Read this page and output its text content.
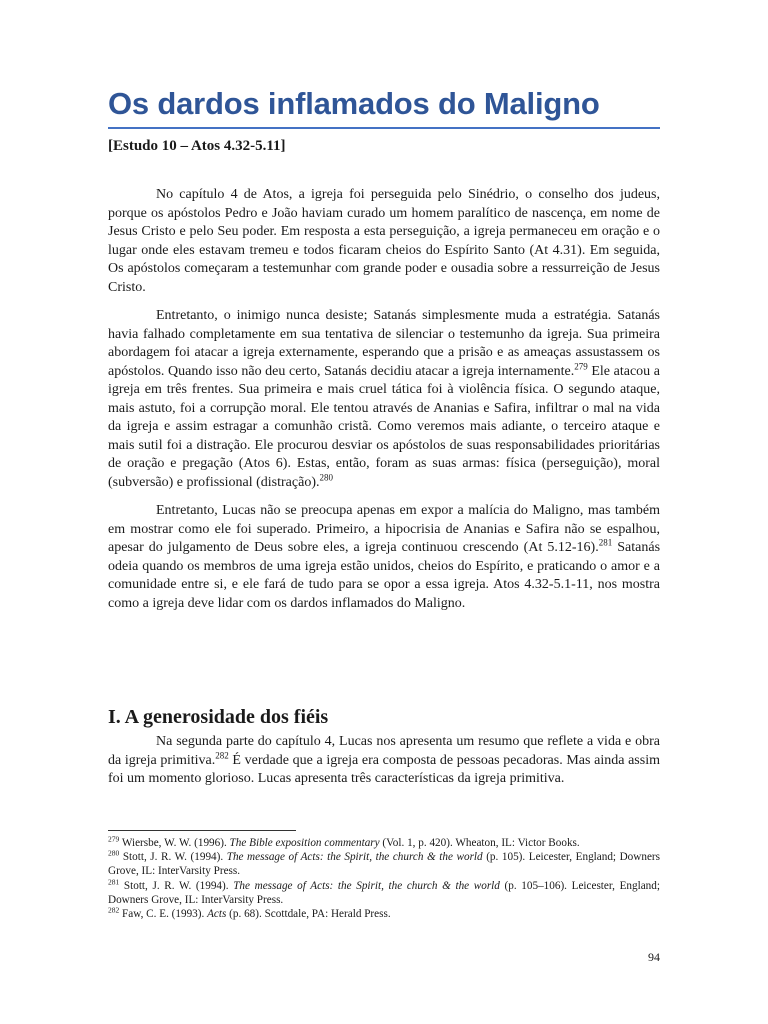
Os dardos inflamados do Maligno
[Estudo 10 – Atos 4.32-5.11]

No capítulo 4 de Atos, a igreja foi perseguida pelo Sinédrio, o conselho dos judeus, porque os apóstolos Pedro e João haviam curado um homem paralítico de nascença, em nome de Jesus Cristo e pelo Seu poder. Em resposta a esta perseguição, a igreja permaneceu em oração e o lugar onde eles estavam tremeu e todos ficaram cheios do Espírito Santo (At 4.31). Em seguida, Os apóstolos começaram a testemunhar com grande poder e ousadia sobre a ressurreição de Jesus Cristo.

Entretanto, o inimigo nunca desiste; Satanás simplesmente muda a estratégia. Satanás havia falhado completamente em sua tentativa de silenciar o testemunho da igreja. Sua primeira abordagem foi atacar a igreja externamente, esperando que a prisão e as ameaças assustassem os apóstolos. Quando isso não deu certo, Satanás decidiu atacar a igreja internamente.$^{279}$ Ele atacou a igreja em três frentes. Sua primeira e mais cruel tática foi à violência física. O segundo ataque, mais astuto, foi a corrupção moral. Ele tentou através de Ananias e Safira, infiltrar o mal na vida da igreja e assim estragar a comunhão cristã. Como veremos mais adiante, o terceiro ataque e mais sutil foi a distração. Ele procurou desviar os apóstolos de suas responsabilidades prioritárias de oração e pregação (Atos 6). Estas, então, foram as suas armas: física (perseguição), moral (subversão) e profissional (distração).$^{280}$

Entretanto, Lucas não se preocupa apenas em expor a malícia do Maligno, mas também em mostrar como ele foi superado. Primeiro, a hipocrisia de Ananias e Safira não se espalhou, apesar do julgamento de Deus sobre eles, a igreja continuou crescendo (At 5.12-16).$^{281}$ Satanás odeia quando os membros de uma igreja estão unidos, cheios do Espírito, e praticando o amor e a comunidade entre si, e ele fará de tudo para se opor a essa igreja. Atos 4.32-5.1-11, nos mostra como a igreja deve lidar com os dardos inflamados do Maligno.

I. A generosidade dos fiéis

Na segunda parte do capítulo 4, Lucas nos apresenta um resumo que reflete a vida e obra da igreja primitiva.$^{282}$ É verdade que a igreja era composta de pessoas pecadoras. Mas ainda assim foi um momento glorioso. Lucas apresenta três características da igreja primitiva.

$^{279}$ Wiersbe, W. W. (1996). The Bible exposition commentary (Vol. 1, p. 420). Wheaton, IL: Victor Books.
$^{280}$ Stott, J. R. W. (1994). The message of Acts: the Spirit, the church & the world (p. 105). Leicester, England; Downers Grove, IL: InterVarsity Press.
$^{281}$ Stott, J. R. W. (1994). The message of Acts: the Spirit, the church & the world (p. 105–106). Leicester, England; Downers Grove, IL: InterVarsity Press.
$^{282}$ Faw, C. E. (1993). Acts (p. 68). Scottdale, PA: Herald Press.
94
